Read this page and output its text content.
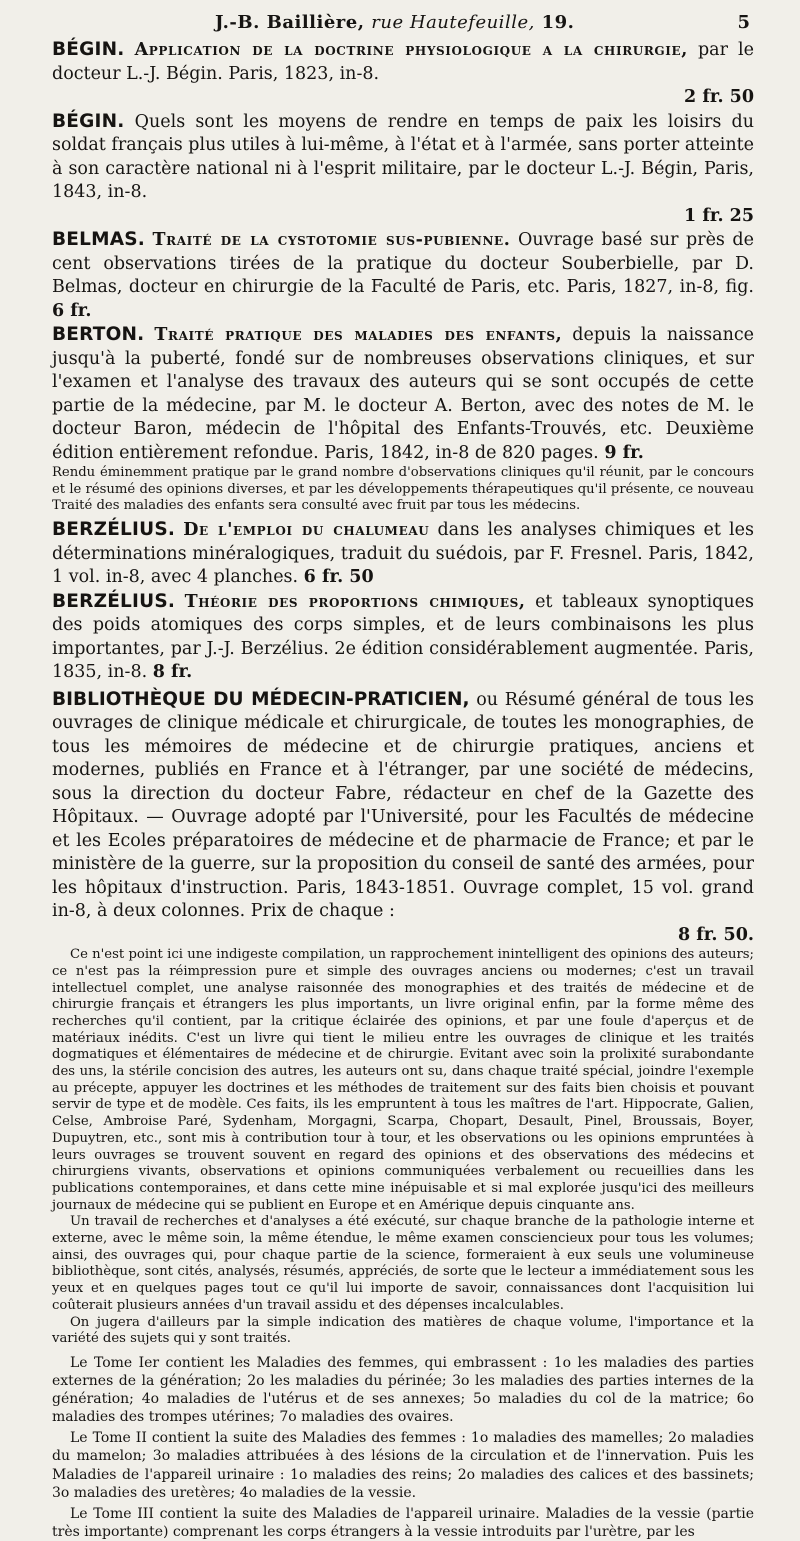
J.-B. Baillière, rue Hautefeuille, 19.	5

BÉGIN. Application de la doctrine physiologique a la chirurgie, par le docteur L.-J. Bégin. Paris, 1823, in-8.
2 fr. 50

BÉGIN. Quels sont les moyens de rendre en temps de paix les loisirs du soldat français plus utiles à lui-même, à l'état et à l'armée, sans porter atteinte à son caractère national ni à l'esprit militaire, par le docteur L.-J. Bégin, Paris, 1843, in-8.
1 fr. 25

BELMAS. Traité de la cystotomie sus-pubienne. Ouvrage basé sur près de cent observations tirées de la pratique du docteur Souberbielle, par D. Belmas, docteur en chirurgie de la Faculté de Paris, etc. Paris, 1827, in-8, fig. 6 fr.

BERTON. Traité pratique des maladies des enfants, depuis la naissance jusqu'à la puberté, fondé sur de nombreuses observations cliniques, et sur l'examen et l'analyse des travaux des auteurs qui se sont occupés de cette partie de la médecine, par M. le docteur A. Berton, avec des notes de M. le docteur Baron, médecin de l'hôpital des Enfants-Trouvés, etc. Deuxième édition entièrement refondue. Paris, 1842, in-8 de 820 pages. 9 fr.

Rendu éminemment pratique par le grand nombre d'observations cliniques qu'il réunit, par le concours et le résumé des opinions diverses, et par les développements thérapeutiques qu'il présente, ce nouveau Traité des maladies des enfants sera consulté avec fruit par tous les médecins.

BERZÉLIUS. De l'emploi du chalumeau dans les analyses chimiques et les déterminations minéralogiques, traduit du suédois, par F. Fresnel. Paris, 1842, 1 vol. in-8, avec 4 planches. 6 fr. 50

BERZÉLIUS. Théorie des proportions chimiques, et tableaux synoptiques des poids atomiques des corps simples, et de leurs combinaisons les plus importantes, par J.-J. Berzélius. 2e édition considérablement augmentée. Paris, 1835, in-8. 8 fr.

BIBLIOTHÈQUE DU MÉDECIN-PRATICIEN, ou Résumé général de tous les ouvrages de clinique médicale et chirurgicale, de toutes les monographies, de tous les mémoires de médecine et de chirurgie pratiques, anciens et modernes, publiés en France et à l'étranger, par une société de médecins, sous la direction du docteur Fabre, rédacteur en chef de la Gazette des Hôpitaux. — Ouvrage adopté par l'Université, pour les Facultés de médecine et les Ecoles préparatoires de médecine et de pharmacie de France; et par le ministère de la guerre, sur la proposition du conseil de santé des armées, pour les hôpitaux d'instruction. Paris, 1843-1851. Ouvrage complet, 15 vol. grand in-8, à deux colonnes. Prix de chaque :
8 fr. 50.

Ce n'est point ici une indigeste compilation, un rapprochement inintelligent des opinions des auteurs; ce n'est pas la réimpression pure et simple des ouvrages anciens ou modernes; c'est un travail intellectuel complet, une analyse raisonnée des monographies et des traités de médecine et de chirurgie français et étrangers les plus importants, un livre original enfin, par la forme même des recherches qu'il contient, par la critique éclairée des opinions, et par une foule d'aperçus et de matériaux inédits. C'est un livre qui tient le milieu entre les ouvrages de clinique et les traités dogmatiques et élémentaires de médecine et de chirurgie. Evitant avec soin la prolixité surabondante des uns, la stérile concision des autres, les auteurs ont su, dans chaque traité spécial, joindre l'exemple au précepte, appuyer les doctrines et les méthodes de traitement sur des faits bien choisis et pouvant servir de type et de modèle. Ces faits, ils les empruntent à tous les maîtres de l'art. Hippocrate, Galien, Celse, Ambroise Paré, Sydenham, Morgagni, Scarpa, Chopart, Desault, Pinel, Broussais, Boyer, Dupuytren, etc., sont mis à contribution tour à tour, et les observations ou les opinions empruntées à leurs ouvrages se trouvent souvent en regard des opinions et des observations des médecins et chirurgiens vivants, observations et opinions communiquées verbalement ou recueillies dans les publications contemporaines, et dans cette mine inépuisable et si mal explorée jusqu'ici des meilleurs journaux de médecine qui se publient en Europe et en Amérique depuis cinquante ans.

Un travail de recherches et d'analyses a été exécuté, sur chaque branche de la pathologie interne et externe, avec le même soin, la même étendue, le même examen consciencieux pour tous les volumes; ainsi, des ouvrages qui, pour chaque partie de la science, formeraient à eux seuls une volumineuse bibliothèque, sont cités, analysés, résumés, appréciés, de sorte que le lecteur a immédiatement sous les yeux et en quelques pages tout ce qu'il lui importe de savoir, connaissances dont l'acquisition lui coûterait plusieurs années d'un travail assidu et des dépenses incalculables.

On jugera d'ailleurs par la simple indication des matières de chaque volume, l'importance et la variété des sujets qui y sont traités.

Le Tome Ier contient les Maladies des femmes, qui embrassent : 1o les maladies des parties externes de la génération; 2o les maladies du périnée; 3o les maladies des parties internes de la génération; 4o maladies de l'utérus et de ses annexes; 5o maladies du col de la matrice; 6o maladies des trompes utérines; 7o maladies des ovaires.

Le Tome II contient la suite des Maladies des femmes : 1o maladies des mamelles; 2o maladies du mamelon; 3o maladies attribuées à des lésions de la circulation et de l'innervation. Puis les Maladies de l'appareil urinaire : 1o maladies des reins; 2o maladies des calices et des bassinets; 3o maladies des uretères; 4o maladies de la vessie.

Le Tome III contient la suite des Maladies de l'appareil urinaire. Maladies de la vessie (partie très importante) comprenant les corps étrangers à la vessie introduits par l'urètre, par les
